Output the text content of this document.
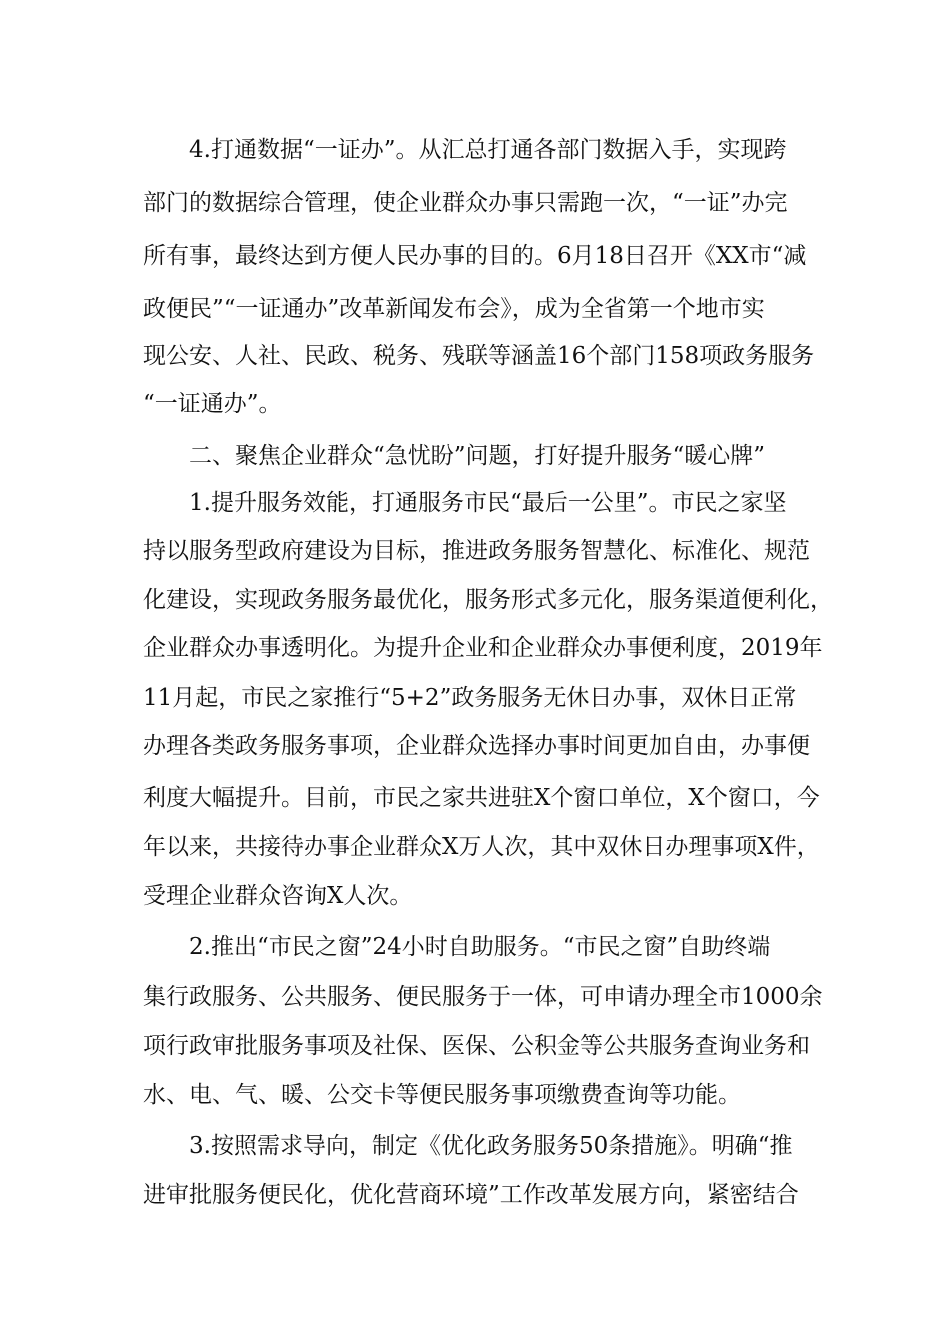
　　4.打通数据“一证办”。从汇总打通各部门数据入手，实现跨
部门的数据综合管理，使企业群众办事只需跑一次，“一证”办完
所有事，最终达到方便人民办事的目的。6月18日召开《XX市“减
政便民”“一证通办”改革新闻发布会》，成为全省第一个地市实
现公安、人社、民政、税务、残联等涵盖16个部门158项政务服务
“一证通办”。
　　二、聚焦企业群众“急忧盼”问题，打好提升服务“暖心牌”
　　1.提升服务效能，打通服务市民“最后一公里”。市民之家坚
持以服务型政府建设为目标，推进政务服务智慧化、标准化、规范
化建设，实现政务服务最优化，服务形式多元化，服务渠道便利化，
企业群众办事透明化。为提升企业和企业群众办事便利度，2019年
11月起，市民之家推行“5+2”政务服务无休日办事，双休日正常
办理各类政务服务事项，企业群众选择办事时间更加自由，办事便
利度大幅提升。目前，市民之家共进驻X个窗口单位，X个窗口，今
年以来，共接待办事企业群众X万人次，其中双休日办理事项X件，
受理企业群众咨询X人次。
　　2.推出“市民之窗”24小时自助服务。“市民之窗”自助终端
集行政服务、公共服务、便民服务于一体，可申请办理全市1000余
项行政审批服务事项及社保、医保、公积金等公共服务查询业务和
水、电、气、暖、公交卡等便民服务事项缴费查询等功能。
　　3.按照需求导向，制定《优化政务服务50条措施》。明确“推
进审批服务便民化，优化营商环境”工作改革发展方向，紧密结合
